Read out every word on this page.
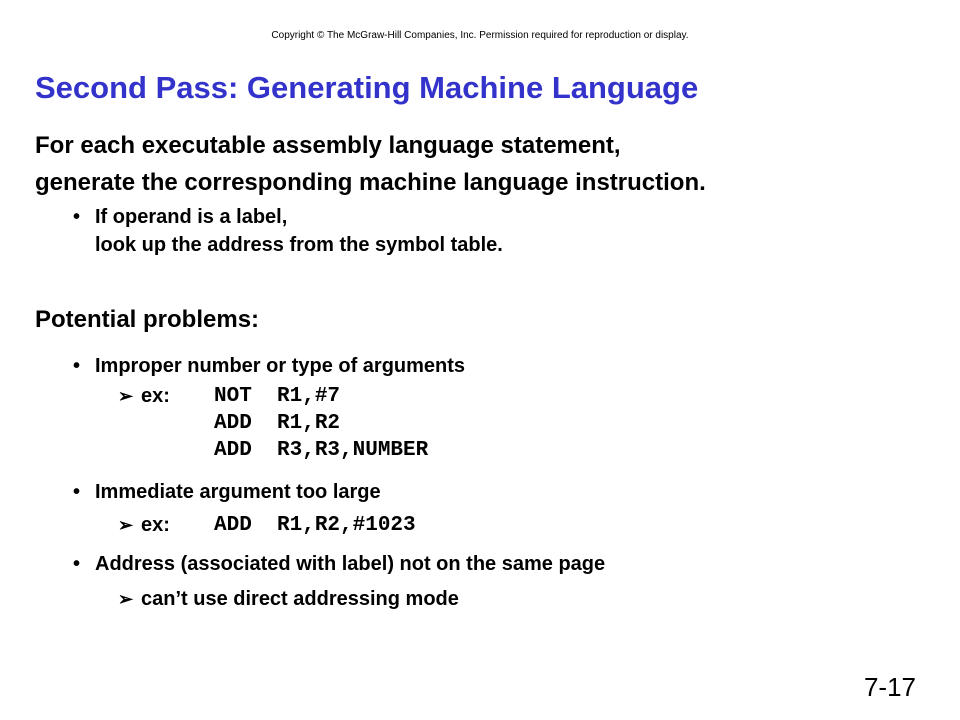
Copyright © The McGraw-Hill Companies, Inc. Permission required for reproduction or display.
Second Pass: Generating Machine Language
For each executable assembly language statement,
generate the corresponding machine language instruction.
• If operand is a label,
look up the address from the symbol table.
Potential problems:
• Improper number or type of arguments
➢ ex: NOT  R1,#7
ADD  R1,R2
ADD  R3,R3,NUMBER
• Immediate argument too large
➢ ex: ADD  R1,R2,#1023
• Address (associated with label) not on the same page
➢ can’t use direct addressing mode
7-17
